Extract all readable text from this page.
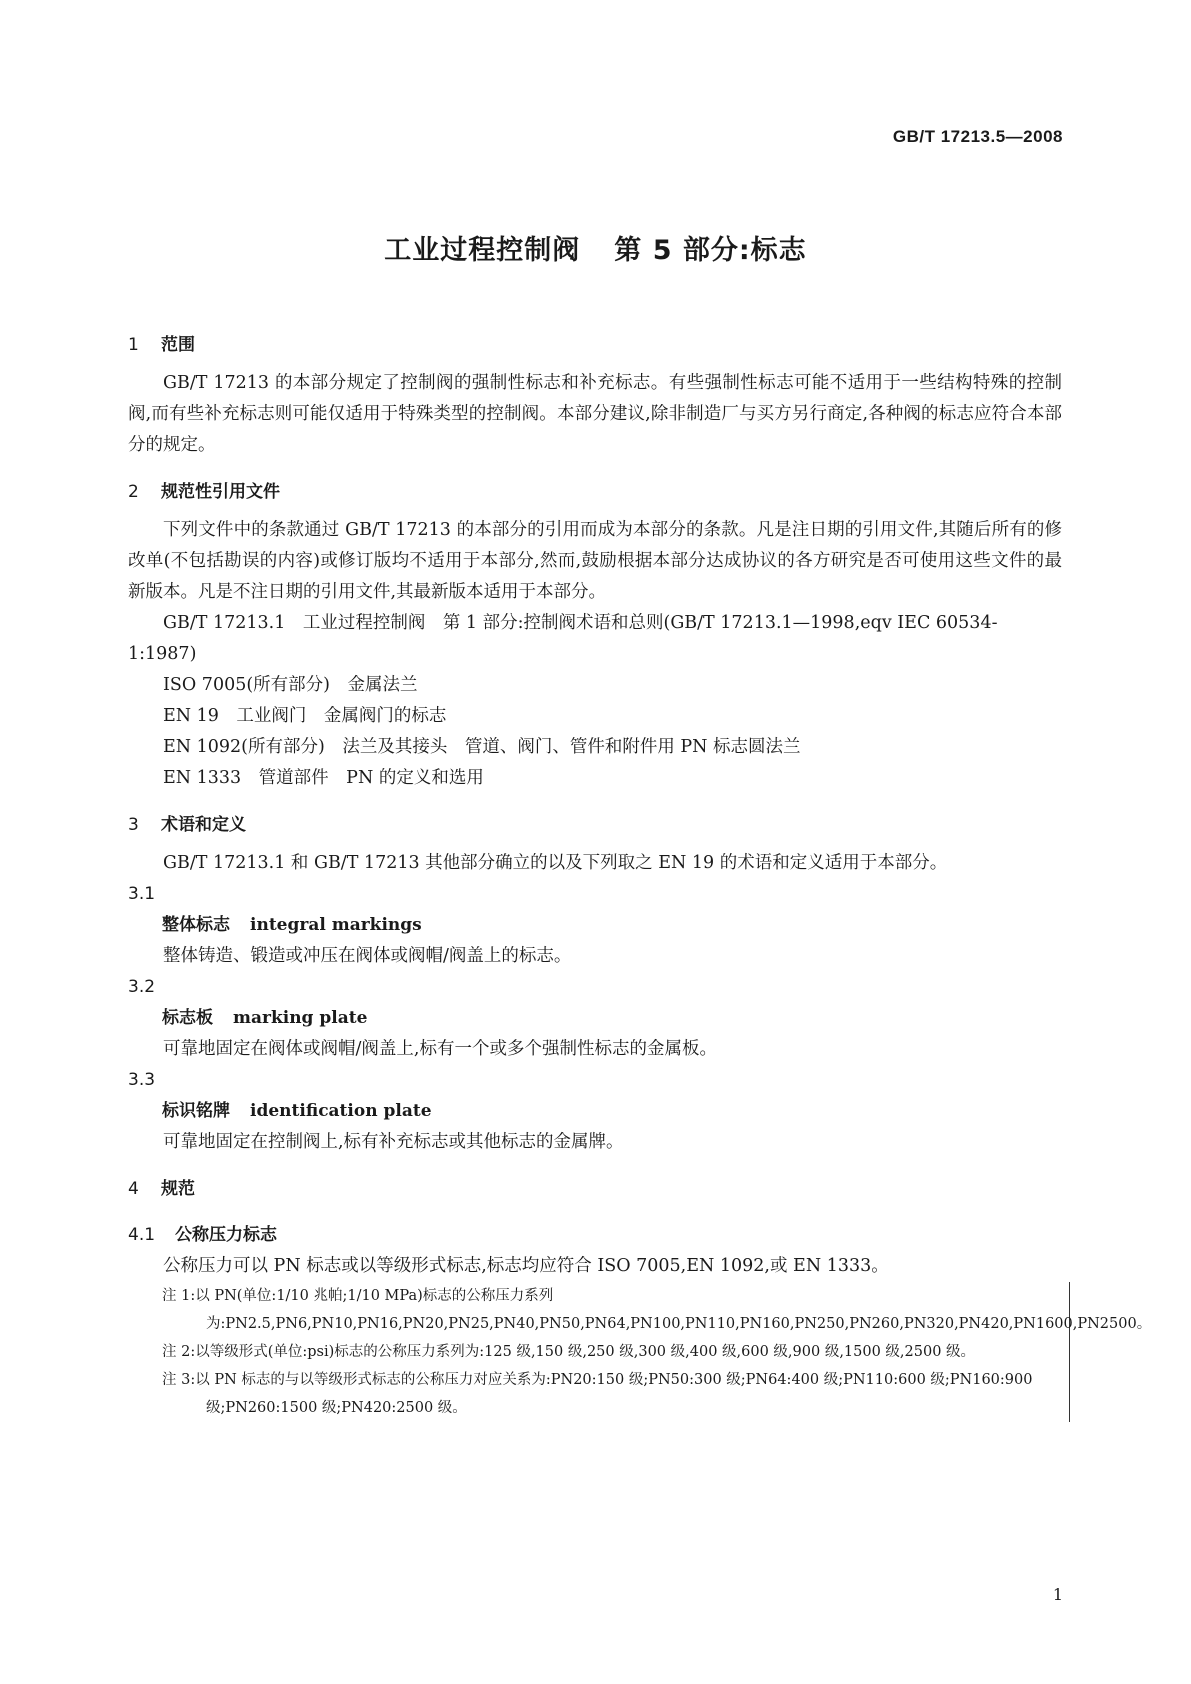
GB/T 17213.5—2008
工业过程控制阀 第 5 部分:标志
1 范围

GB/T 17213 的本部分规定了控制阀的强制性标志和补充标志。有些强制性标志可能不适用于一些结构特殊的控制阀,而有些补充标志则可能仅适用于特殊类型的控制阀。本部分建议,除非制造厂与买方另行商定,各种阀的标志应符合本部分的规定。

2 规范性引用文件

下列文件中的条款通过 GB/T 17213 的本部分的引用而成为本部分的条款。凡是注日期的引用文件,其随后所有的修改单(不包括勘误的内容)或修订版均不适用于本部分,然而,鼓励根据本部分达成协议的各方研究是否可使用这些文件的最新版本。凡是不注日期的引用文件,其最新版本适用于本部分。

GB/T 17213.1　工业过程控制阀　第 1 部分:控制阀术语和总则(GB/T 17213.1—1998,eqv IEC 60534-1:1987)

ISO 7005(所有部分)　金属法兰

EN 19　工业阀门　金属阀门的标志

EN 1092(所有部分)　法兰及其接头　管道、阀门、管件和附件用 PN 标志圆法兰

EN 1333　管道部件　PN 的定义和选用

3 术语和定义

GB/T 17213.1 和 GB/T 17213 其他部分确立的以及下列取之 EN 19 的术语和定义适用于本部分。

3.1

整体标志 integral markings

整体铸造、锻造或冲压在阀体或阀帽/阀盖上的标志。

3.2

标志板 marking plate

可靠地固定在阀体或阀帽/阀盖上,标有一个或多个强制性标志的金属板。

3.3

标识铭牌 identification plate

可靠地固定在控制阀上,标有补充标志或其他标志的金属牌。

4 规范

4.1 公称压力标志

公称压力可以 PN 标志或以等级形式标志,标志均应符合 ISO 7005,EN 1092,或 EN 1333。

注 1:以 PN(单位:1/10 兆帕;1/10 MPa)标志的公称压力系列为:PN2.5,PN6,PN10,PN16,PN20,PN25,PN40,PN50,PN64,PN100,PN110,PN160,PN250,PN260,PN320,PN420,PN1600,PN2500。

注 2:以等级形式(单位:psi)标志的公称压力系列为:125 级,150 级,250 级,300 级,400 级,600 级,900 级,1500 级,2500 级。

注 3:以 PN 标志的与以等级形式标志的公称压力对应关系为:PN20:150 级;PN50:300 级;PN64:400 级;PN110:600 级;PN160:900 级;PN260:1500 级;PN420:2500 级。

1
